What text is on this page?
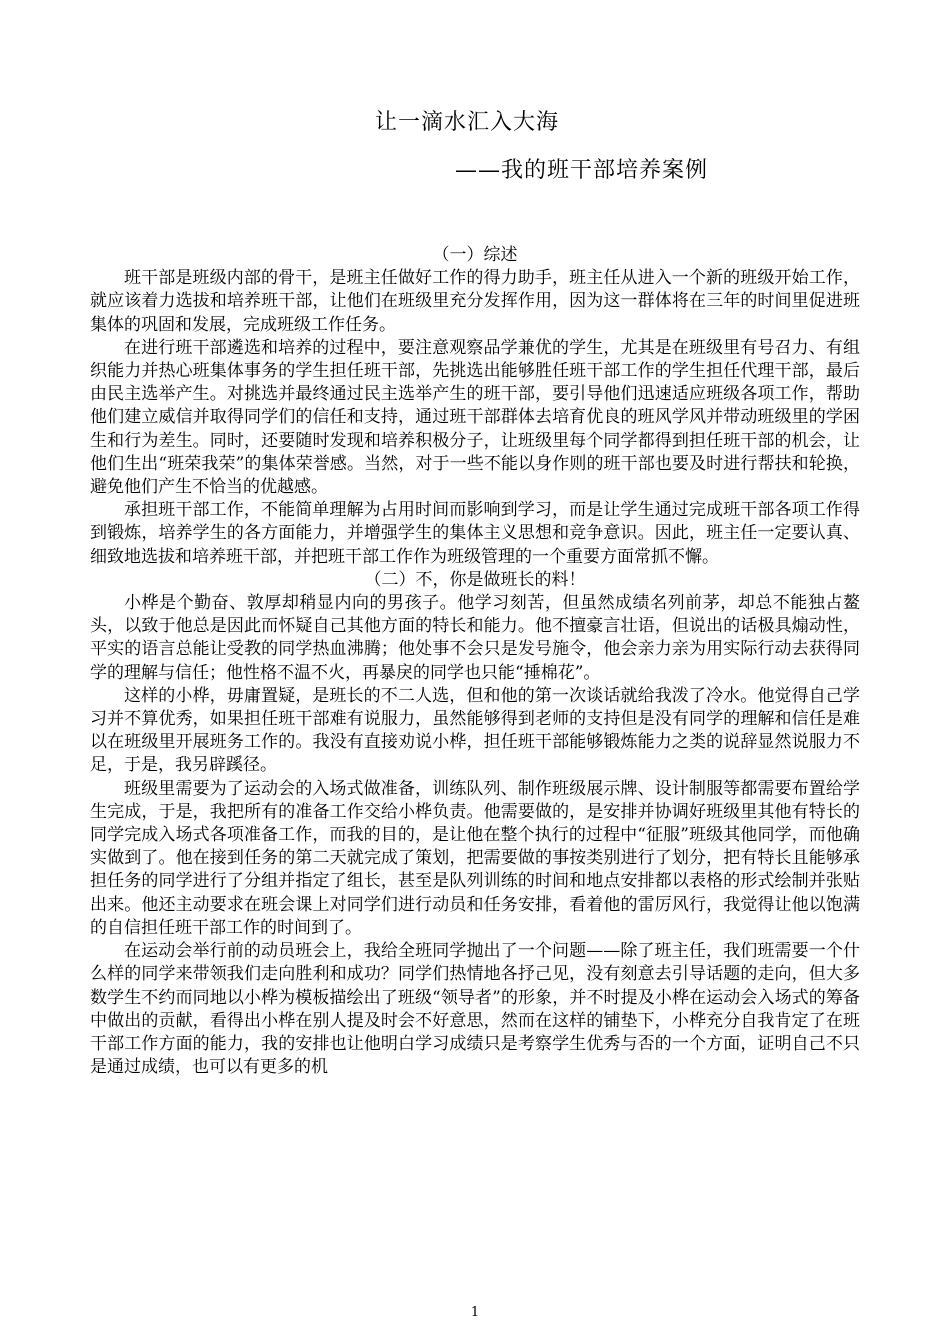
让一滴水汇入大海
——我的班干部培养案例

（一）综述

班干部是班级内部的骨干，是班主任做好工作的得力助手，班主任从进入一个新的班级开始工作，就应该着力选拔和培养班干部，让他们在班级里充分发挥作用，因为这一群体将在三年的时间里促进班集体的巩固和发展，完成班级工作任务。

在进行班干部遴选和培养的过程中，要注意观察品学兼优的学生，尤其是在班级里有号召力、有组织能力并热心班集体事务的学生担任班干部，先挑选出能够胜任班干部工作的学生担任代理干部，最后由民主选举产生。对挑选并最终通过民主选举产生的班干部，要引导他们迅速适应班级各项工作，帮助他们建立威信并取得同学们的信任和支持，通过班干部群体去培育优良的班风学风并带动班级里的学困生和行为差生。同时，还要随时发现和培养积极分子，让班级里每个同学都得到担任班干部的机会，让他们生出“班荣我荣”的集体荣誉感。当然，对于一些不能以身作则的班干部也要及时进行帮扶和轮换，避免他们产生不恰当的优越感。

承担班干部工作，不能简单理解为占用时间而影响到学习，而是让学生通过完成班干部各项工作得到锻炼，培养学生的各方面能力，并增强学生的集体主义思想和竞争意识。因此，班主任一定要认真、细致地选拔和培养班干部，并把班干部工作作为班级管理的一个重要方面常抓不懈。

（二）不，你是做班长的料！

小桦是个勤奋、敦厚却稍显内向的男孩子。他学习刻苦，但虽然成绩名列前茅，却总不能独占鳌头，以致于他总是因此而怀疑自己其他方面的特长和能力。他不擅豪言壮语，但说出的话极具煽动性，平实的语言总能让受教的同学热血沸腾；他处事不会只是发号施令，他会亲力亲为用实际行动去获得同学的理解与信任；他性格不温不火，再暴戾的同学也只能“捶棉花”。

这样的小桦，毋庸置疑，是班长的不二人选，但和他的第一次谈话就给我泼了冷水。他觉得自己学习并不算优秀，如果担任班干部难有说服力，虽然能够得到老师的支持但是没有同学的理解和信任是难以在班级里开展班务工作的。我没有直接劝说小桦，担任班干部能够锻炼能力之类的说辞显然说服力不足，于是，我另辟蹊径。

班级里需要为了运动会的入场式做准备，训练队列、制作班级展示牌、设计制服等都需要布置给学生完成，于是，我把所有的准备工作交给小桦负责。他需要做的，是安排并协调好班级里其他有特长的同学完成入场式各项准备工作，而我的目的，是让他在整个执行的过程中“征服”班级其他同学，而他确实做到了。他在接到任务的第二天就完成了策划，把需要做的事按类别进行了划分，把有特长且能够承担任务的同学进行了分组并指定了组长，甚至是队列训练的时间和地点安排都以表格的形式绘制并张贴出来。他还主动要求在班会课上对同学们进行动员和任务安排，看着他的雷厉风行，我觉得让他以饱满的自信担任班干部工作的时间到了。

在运动会举行前的动员班会上，我给全班同学抛出了一个问题——除了班主任，我们班需要一个什么样的同学来带领我们走向胜利和成功？同学们热情地各抒己见，没有刻意去引导话题的走向，但大多数学生不约而同地以小桦为模板描绘出了班级“领导者”的形象，并不时提及小桦在运动会入场式的筹备中做出的贡献，看得出小桦在别人提及时会不好意思，然而在这样的铺垫下，小桦充分自我肯定了在班干部工作方面的能力，我的安排也让他明白学习成绩只是考察学生优秀与否的一个方面，证明自己不只是通过成绩，也可以有更多的机

1
